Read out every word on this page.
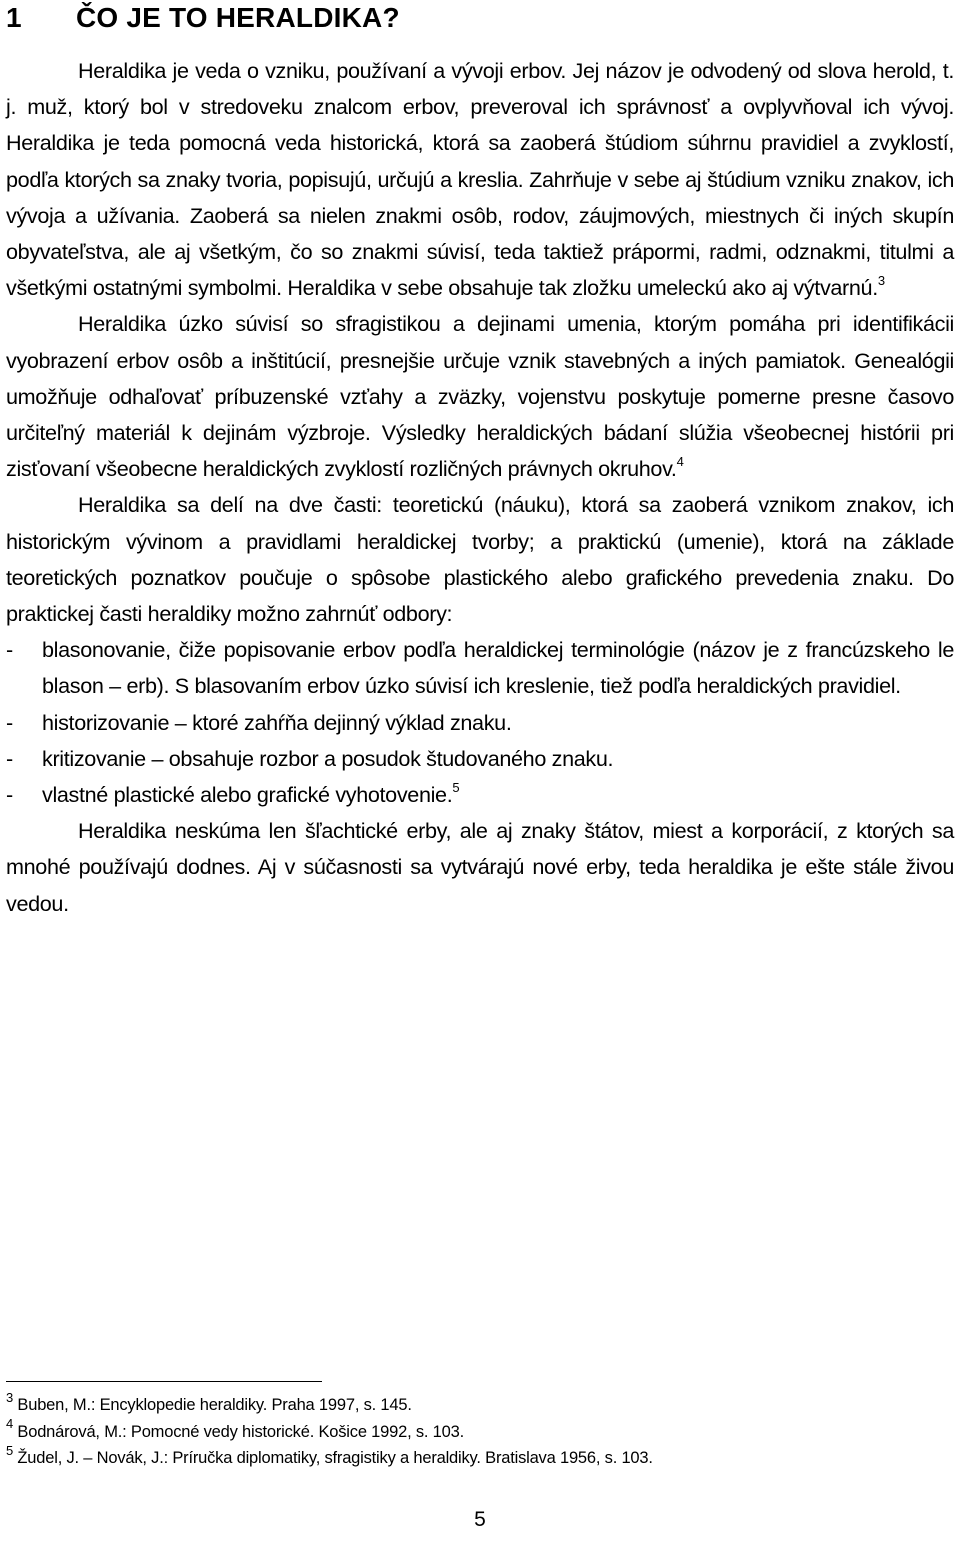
1 ČO JE TO HERALDIKA?

Heraldika je veda o vzniku, používaní a vývoji erbov. Jej názov je odvodený od slova herold, t. j. muž, ktorý bol v stredoveku znalcom erbov, preveroval ich správnosť a ovplyvňoval ich vývoj. Heraldika je teda pomocná veda historická, ktorá sa zaoberá štúdiom súhrnu pravidiel a zvyklostí, podľa ktorých sa znaky tvoria, popisujú, určujú a kreslia. Zahrňuje v sebe aj štúdium vzniku znakov, ich vývoja a užívania. Zaoberá sa nielen znakmi osôb, rodov, záujmových, miestnych či iných skupín obyvateľstva, ale aj všetkým, čo so znakmi súvisí, teda taktiež prápormi, radmi, odznakmi, titulmi a všetkými ostatnými symbolmi. Heraldika v sebe obsahuje tak zložku umeleckú ako aj výtvarnú.$^3$

Heraldika úzko súvisí so sfragistikou a dejinami umenia, ktorým pomáha pri identifikácii vyobrazení erbov osôb a inštitúcií, presnejšie určuje vznik stavebných a iných pamiatok. Genealógii umožňuje odhaľovať príbuzenské vzťahy a zväzky, vojenstvu poskytuje pomerne presne časovo určiteľný materiál k dejinám výzbroje. Výsledky heraldických bádaní slúžia všeobecnej histórii pri zisťovaní všeobecne heraldických zvyklostí rozličných právnych okruhov.$^4$

Heraldika sa delí na dve časti: teoretickú (náuku), ktorá sa zaoberá vznikom znakov, ich historickým vývinom a pravidlami heraldickej tvorby; a praktickú (umenie), ktorá na základe teoretických poznatkov poučuje o spôsobe plastického alebo grafického prevedenia znaku. Do praktickej časti heraldiky možno zahrnúť odbory:

- blasonovanie, čiže popisovanie erbov podľa heraldickej terminológie (názov je z francúzskeho le blason – erb). S blasovaním erbov úzko súvisí ich kreslenie, tiež podľa heraldických pravidiel.
- historizovanie – ktoré zahŕňa dejinný výklad znaku.
- kritizovanie – obsahuje rozbor a posudok študovaného znaku.
- vlastné plastické alebo grafické vyhotovenie.$^5$

Heraldika neskúma len šľachtické erby, ale aj znaky štátov, miest a korporácií, z ktorých sa mnohé používajú dodnes. Aj v súčasnosti sa vytvárajú nové erby, teda heraldika je ešte stále živou vedou.

$^3$ Buben, M.: Encyklopedie heraldiky. Praha 1997, s. 145.

$^4$ Bodnárová, M.: Pomocné vedy historické. Košice 1992, s. 103.

$^5$ Žudel, J. – Novák, J.: Príručka diplomatiky, sfragistiky a heraldiky. Bratislava 1956, s. 103.

5
